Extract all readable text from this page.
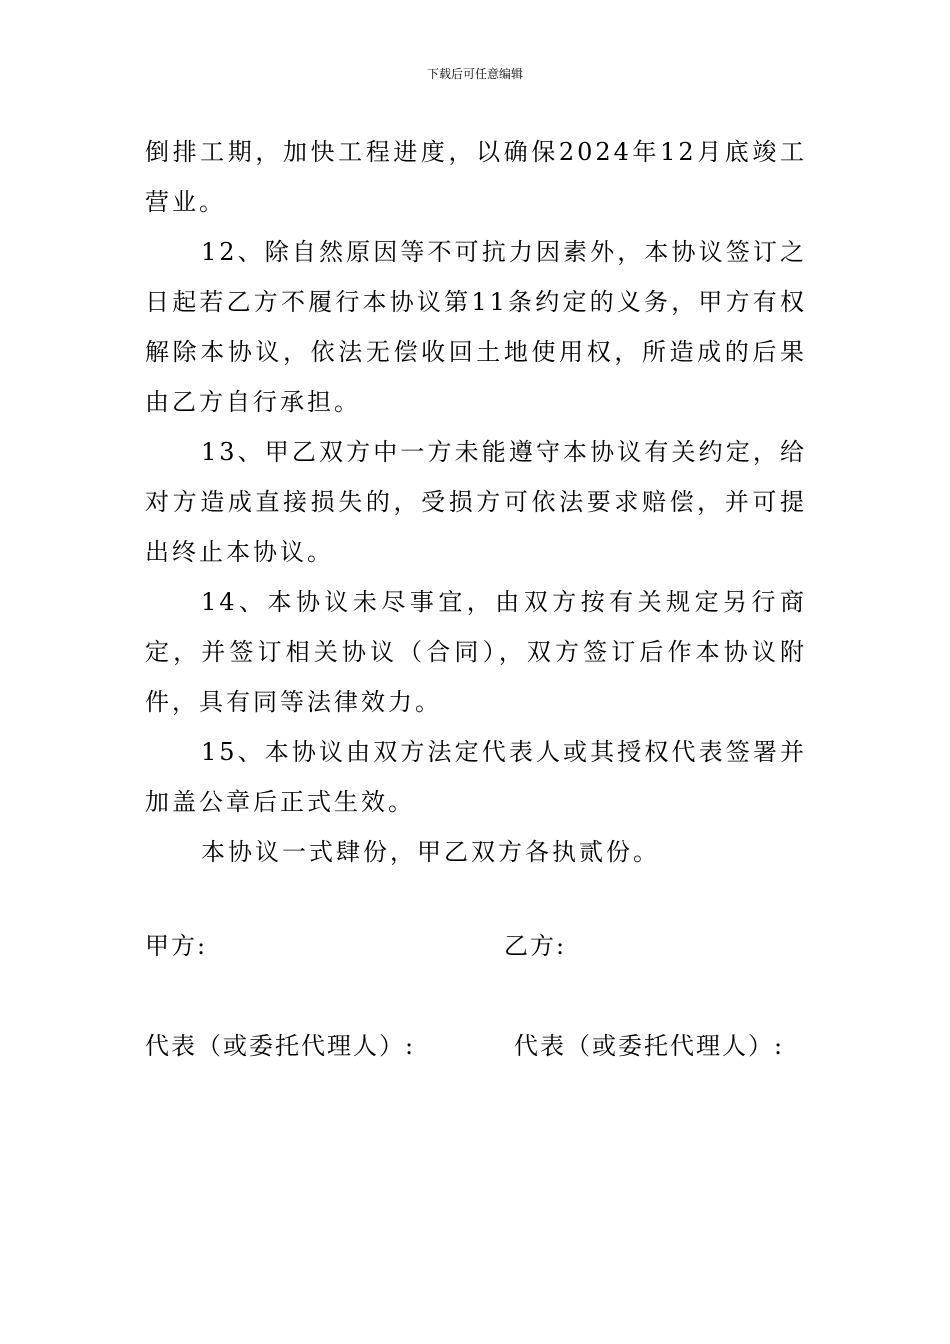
下载后可任意编辑

倒排工期，加快工程进度，以确保2024年12月底竣工营业。

12、除自然原因等不可抗力因素外，本协议签订之日起若乙方不履行本协议第11条约定的义务，甲方有权解除本协议，依法无偿收回土地使用权，所造成的后果由乙方自行承担。

13、甲乙双方中一方未能遵守本协议有关约定，给对方造成直接损失的，受损方可依法要求赔偿，并可提出终止本协议。

14、本协议未尽事宜，由双方按有关规定另行商定，并签订相关协议（合同），双方签订后作本协议附件，具有同等法律效力。

15、本协议由双方法定代表人或其授权代表签署并加盖公章后正式生效。

本协议一式肆份，甲乙双方各执贰份。

甲方:	乙方:
代表（或委托代理人）:	代表（或委托代理人）:
